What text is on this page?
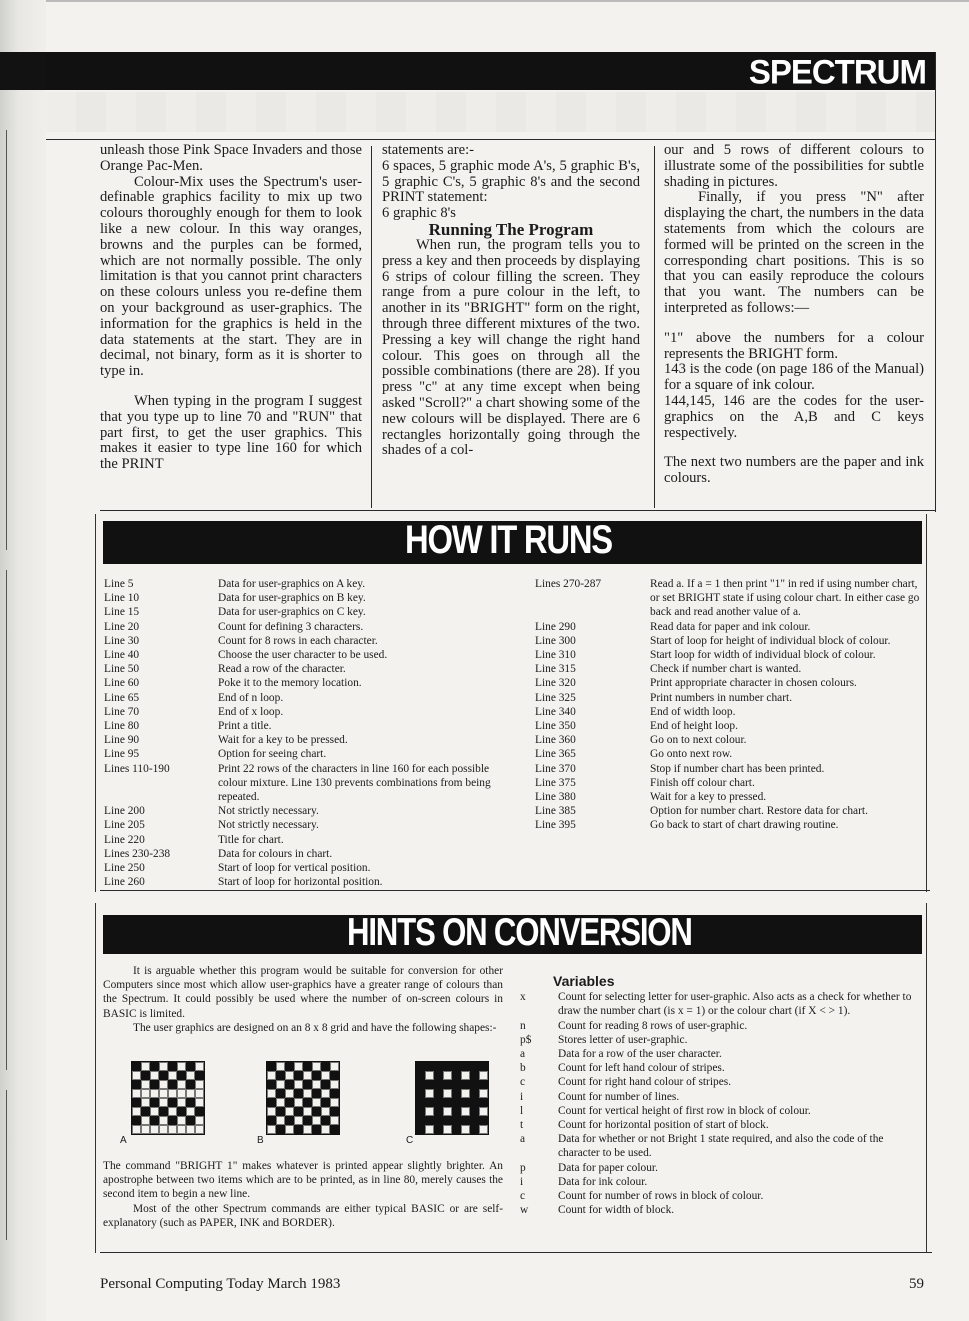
SPECTRUM

unleash those Pink Space Invaders and those Orange Pac-Men.

Colour-Mix uses the Spectrum's user-definable graphics facility to mix up two colours thoroughly enough for them to look like a new colour. In this way oranges, browns and the purples can be formed, which are not normally possible. The only limitation is that you cannot print characters on these colours unless you re-define them on your background as user-graphics. The information for the graphics is held in the data statements at the start. They are in decimal, not binary, form as it is shorter to type in.

When typing in the program I suggest that you type up to line 70 and "RUN" that part first, to get the user graphics. This makes it easier to type line 160 for which the PRINT

statements are:-

6 spaces, 5 graphic mode A's, 5 graphic B's, 5 graphic C's, 5 graphic 8's and the second PRINT statement:

6 graphic 8's

Running The Program

When run, the program tells you to press a key and then proceeds by displaying 6 strips of colour filling the screen. They range from a pure colour in the left, to another in its "BRIGHT" form on the right, through three different mixtures of the two. Pressing a key will change the right hand colour. This goes on through all the possible combinations (there are 28). If you press "c" at any time except when being asked "Scroll?" a chart showing some of the new colours will be displayed. There are 6 rectangles horizontally going through the shades of a col-

our and 5 rows of different colours to illustrate some of the possibilities for subtle shading in pictures.

Finally, if you press "N" after displaying the chart, the numbers in the data statements from which the colours are formed will be printed on the screen in the corresponding chart positions. This is so that you can easily reproduce the colours that you want. The numbers can be interpreted as follows:—

"1" above the numbers for a colour represents the BRIGHT form.

143 is the code (on page 186 of the Manual) for a square of ink colour.

144,145, 146 are the codes for the user-graphics on the A,B and C keys respectively.

The next two numbers are the paper and ink colours.

HOW IT RUNS
Line 5	Data for user-graphics on A key.
Line 10	Data for user-graphics on B key.
Line 15	Data for user-graphics on C key.
Line 20	Count for defining 3 characters.
Line 30	Count for 8 rows in each character.
Line 40	Choose the user character to be used.
Line 50	Read a row of the character.
Line 60	Poke it to the memory location.
Line 65	End of n loop.
Line 70	End of x loop.
Line 80	Print a title.
Line 90	Wait for a key to be pressed.
Line 95	Option for seeing chart.
Lines 110-190	Print 22 rows of the characters in line 160 for each possible colour mixture. Line 130 prevents combinations from being repeated.
Line 200	Not strictly necessary.
Line 205	Not strictly necessary.
Line 220	Title for chart.
Lines 230-238	Data for colours in chart.
Line 250	Start of loop for vertical position.
Line 260	Start of loop for horizontal position.
Lines 270-287	Read a. If a = 1 then print "1" in red if using number chart, or set BRIGHT state if using colour chart. In either case go back and read another value of a.
Line 290	Read data for paper and ink colour.
Line 300	Start of loop for height of individual block of colour.
Line 310	Start loop for width of individual block of colour.
Line 315	Check if number chart is wanted.
Line 320	Print appropriate character in chosen colours.
Line 325	Print numbers in number chart.
Line 340	End of width loop.
Line 350	End of height loop.
Line 360	Go on to next colour.
Line 365	Go onto next row.
Line 370	Stop if number chart has been printed.
Line 375	Finish off colour chart.
Line 380	Wait for a key to pressed.
Line 385	Option for number chart. Restore data for chart.
Line 395	Go back to start of chart drawing routine.
HINTS ON CONVERSION

It is arguable whether this program would be suitable for conversion for other Computers since most which allow user-graphics have a greater range of colours than the Spectrum. It could possibly be used where the number of on-screen colours in BASIC is limited.

The user graphics are designed on an 8 x 8 grid and have the following shapes:-

The command "BRIGHT 1" makes whatever is printed appear slightly brighter. An apostrophe between two items which are to be printed, as in line 80, merely causes the second item to begin a new line.

Most of the other Spectrum commands are either typical BASIC or are self-explanatory (such as PAPER, INK and BORDER).

A	B	C
Variables
x	Count for selecting letter for user-graphic. Also acts as a check for whether to draw the number chart (is x = 1) or the colour chart (if X < > 1).
n	Count for reading 8 rows of user-graphic.
p$	Stores letter of user-graphic.
a	Data for a row of the user character.
b	Count for left hand colour of stripes.
c	Count for right hand colour of stripes.
i	Count for number of lines.
l	Count for vertical height of first row in block of colour.
t	Count for horizontal position of start of block.
a	Data for whether or not Bright 1 state required, and also the code of the character to be used.
p	Data for paper colour.
i	Data for ink colour.
c	Count for number of rows in block of colour.
w	Count for width of block.
Personal Computing Today March 1983	59
